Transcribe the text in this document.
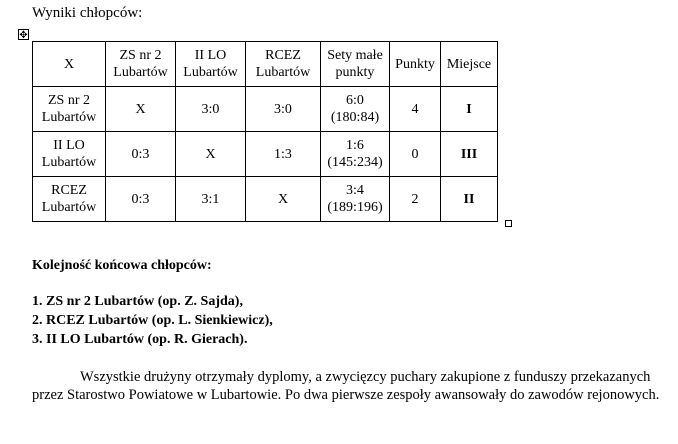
Wyniki chłopców:
✥
X	ZS nr 2 Lubartów	II LO Lubartów	RCEZ Lubartów	Sety małe punkty	Punkty	Miejsce
ZS nr 2 Lubartów	X	3:0	3:0	6:0 (180:84)	4	I
II LO Lubartów	0:3	X	1:3	1:6 (145:234)	0	III
RCEZ Lubartów	0:3	3:1	X	3:4 (189:196)	2	II
Kolejność końcowa chłopców:
1. ZS nr 2 Lubartów (op. Z. Sajda),
2. RCEZ Lubartów (op. L. Sienkiewicz),
3. II LO Lubartów (op. R. Gierach).
Wszystkie drużyny otrzymały dyplomy, a zwycięzcy puchary zakupione z funduszy przekazanych przez Starostwo Powiatowe w Lubartowie. Po dwa pierwsze zespoły awansowały do zawodów rejonowych.
